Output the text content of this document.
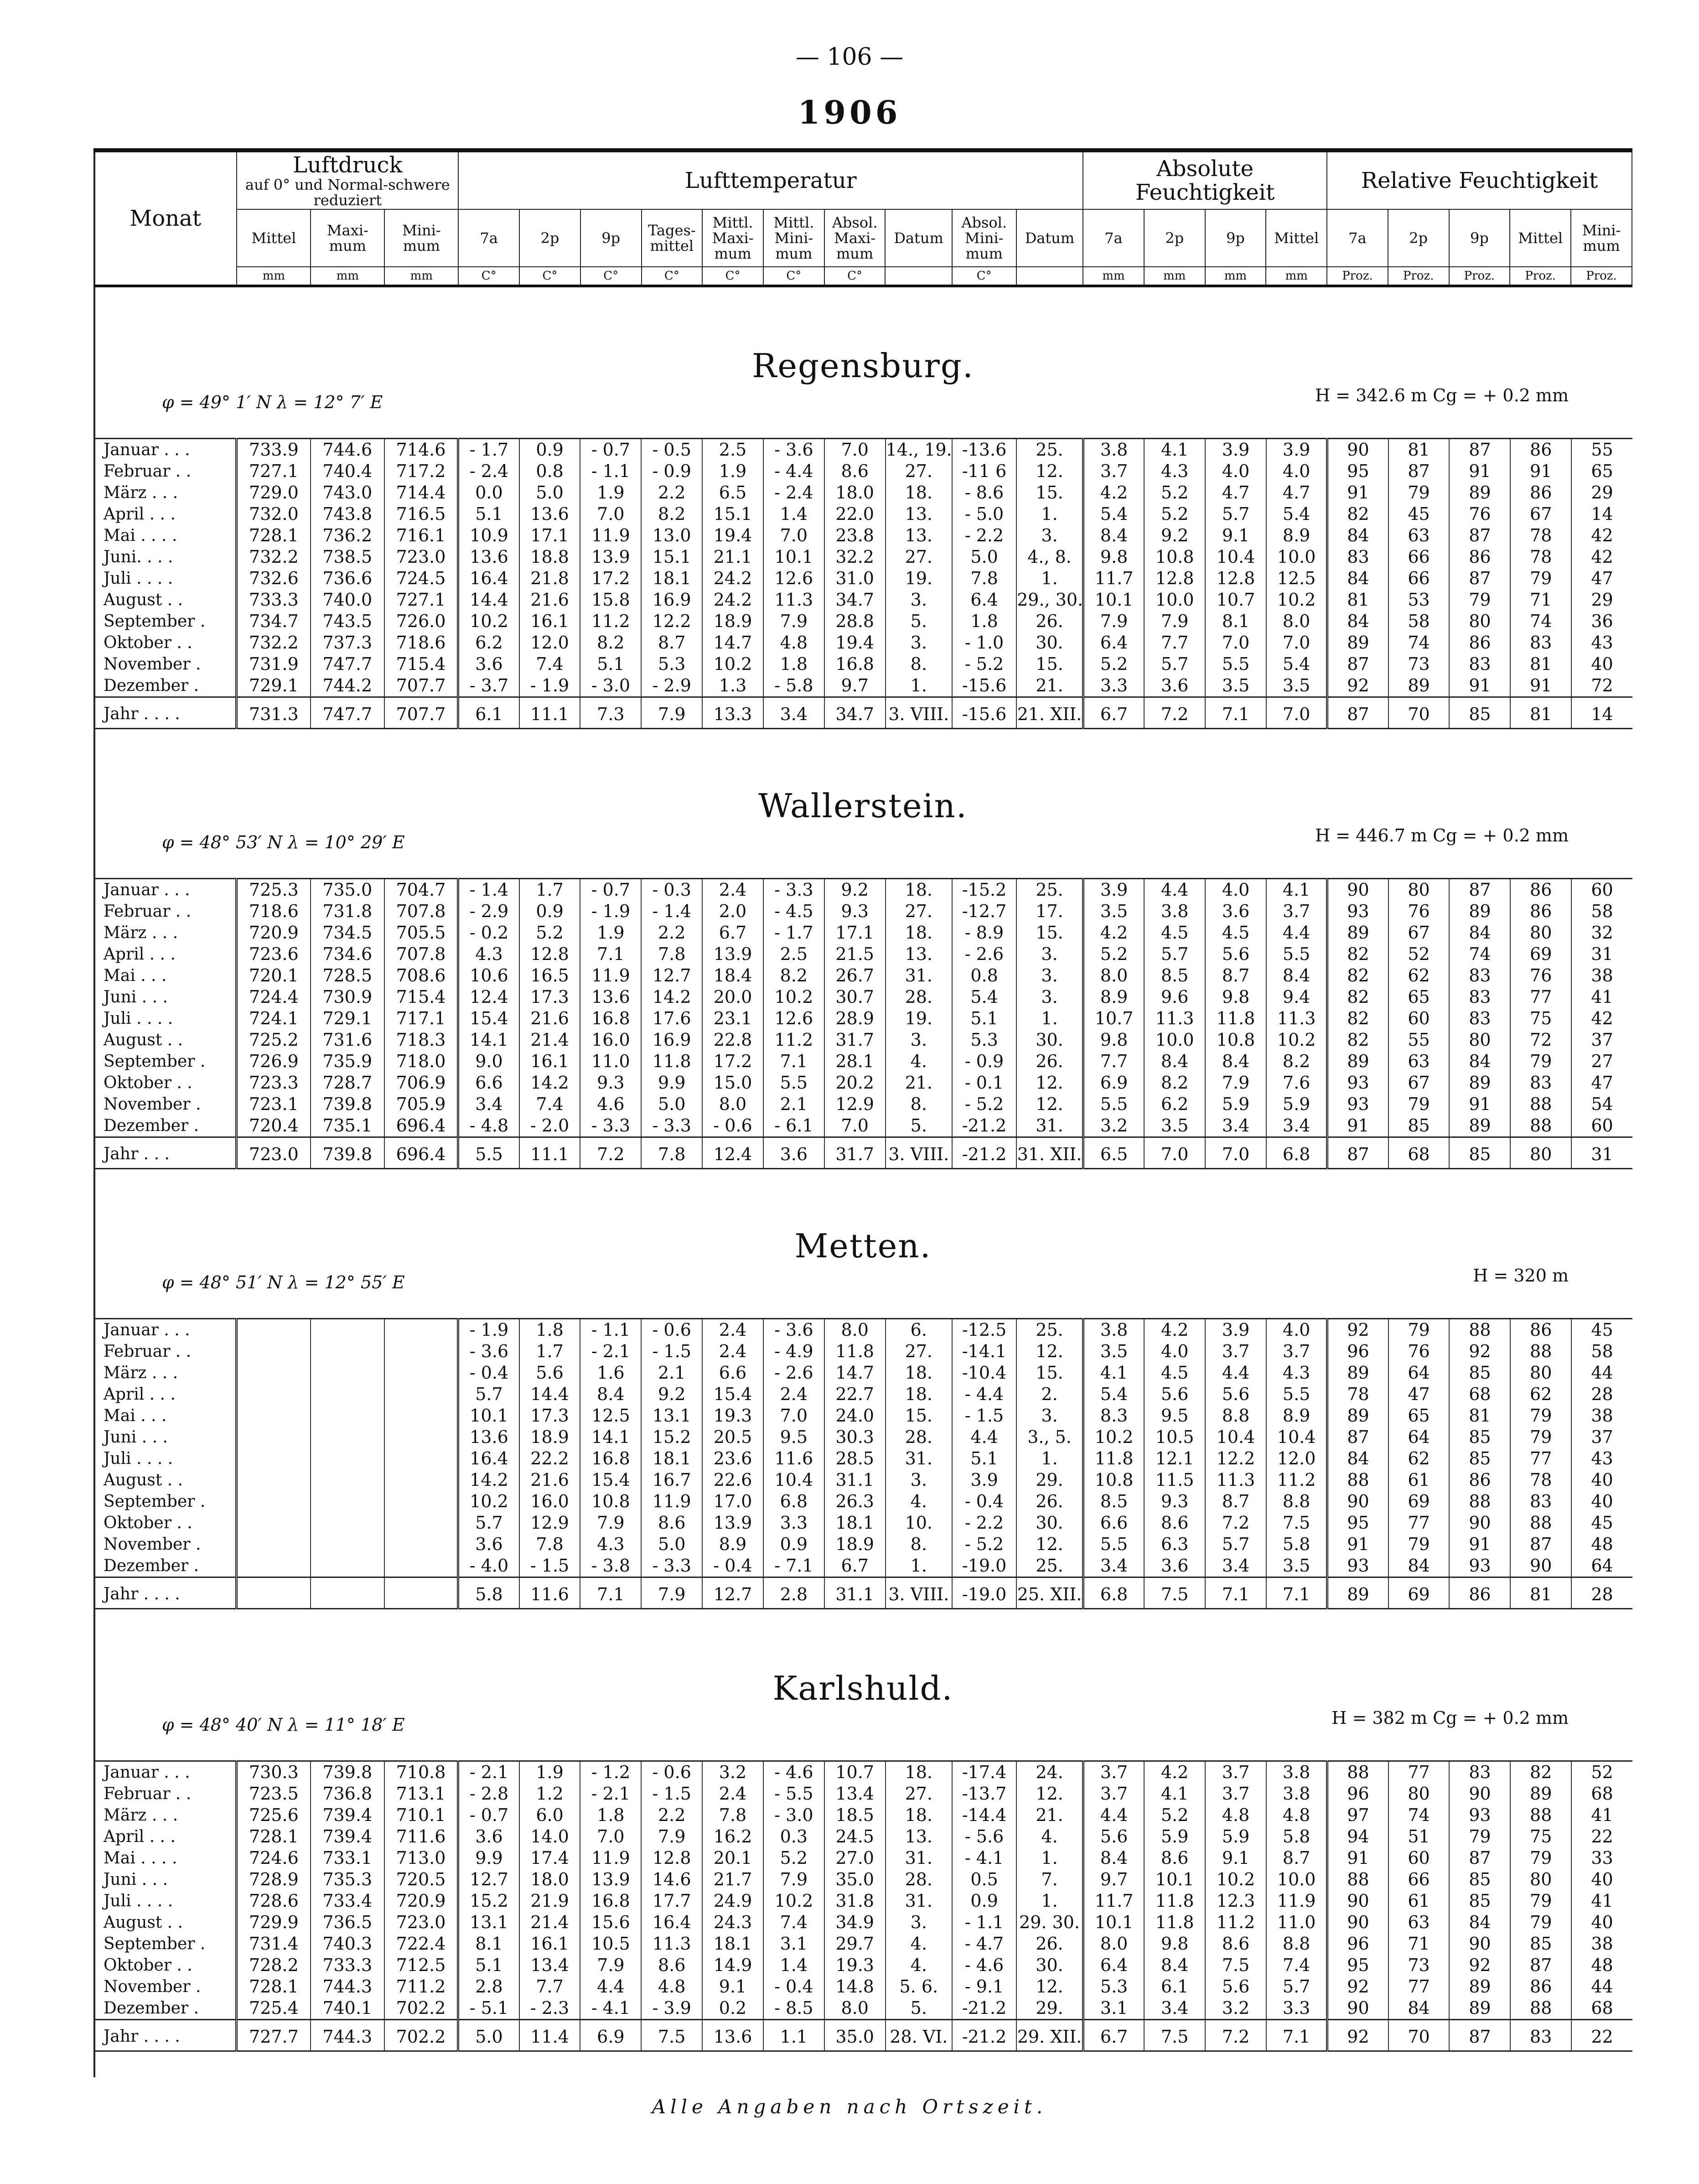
— 106 —
1906
Monat	Luftdruck
auf 0° und Normal-schwere reduziert			Lufttemperatur										Absolute Feuchtigkeit				Relative Feuchtigkeit				
	Mittel	Maxi-mum	Mini-mum	7a	2p	9p	Tages-mittel	Mittl. Maxi-mum	Mittl. Mini-mum	Absol. Maxi-mum	Datum	Absol. Mini-mum	Datum	7a	2p	9p	Mittel	7a	2p	9p	Mittel	Mini-mum
	mm	mm	mm	C°	C°	C°	C°	C°	C°	C°		C°		mm	mm	mm	mm	Proz.	Proz.	Proz.	Proz.	Proz.
Regensburg.
φ = 49° 1′ N λ = 12° 7′ E	H = 342.6 m Cg = + 0.2 mm
Januar . . .	733.9	744.6	714.6	- 1.7	0.9	- 0.7	- 0.5	2.5	- 3.6	7.0	14., 19.	-13.6	25.	3.8	4.1	3.9	3.9	90	81	87	86	55
Februar . .	727.1	740.4	717.2	- 2.4	0.8	- 1.1	- 0.9	1.9	- 4.4	8.6	27.	-11 6	12.	3.7	4.3	4.0	4.0	95	87	91	91	65
März . . .	729.0	743.0	714.4	0.0	5.0	1.9	2.2	6.5	- 2.4	18.0	18.	- 8.6	15.	4.2	5.2	4.7	4.7	91	79	89	86	29
April . . .	732.0	743.8	716.5	5.1	13.6	7.0	8.2	15.1	1.4	22.0	13.	- 5.0	1.	5.4	5.2	5.7	5.4	82	45	76	67	14
Mai . . . .	728.1	736.2	716.1	10.9	17.1	11.9	13.0	19.4	7.0	23.8	13.	- 2.2	3.	8.4	9.2	9.1	8.9	84	63	87	78	42
Juni. . . .	732.2	738.5	723.0	13.6	18.8	13.9	15.1	21.1	10.1	32.2	27.	5.0	4., 8.	9.8	10.8	10.4	10.0	83	66	86	78	42
Juli . . . .	732.6	736.6	724.5	16.4	21.8	17.2	18.1	24.2	12.6	31.0	19.	7.8	1.	11.7	12.8	12.8	12.5	84	66	87	79	47
August . .	733.3	740.0	727.1	14.4	21.6	15.8	16.9	24.2	11.3	34.7	3.	6.4	29., 30.	10.1	10.0	10.7	10.2	81	53	79	71	29
September .	734.7	743.5	726.0	10.2	16.1	11.2	12.2	18.9	7.9	28.8	5.	1.8	26.	7.9	7.9	8.1	8.0	84	58	80	74	36
Oktober . .	732.2	737.3	718.6	6.2	12.0	8.2	8.7	14.7	4.8	19.4	3.	- 1.0	30.	6.4	7.7	7.0	7.0	89	74	86	83	43
November .	731.9	747.7	715.4	3.6	7.4	5.1	5.3	10.2	1.8	16.8	8.	- 5.2	15.	5.2	5.7	5.5	5.4	87	73	83	81	40
Dezember .	729.1	744.2	707.7	- 3.7	- 1.9	- 3.0	- 2.9	1.3	- 5.8	9.7	1.	-15.6	21.	3.3	3.6	3.5	3.5	92	89	91	91	72
Jahr . . . .	731.3	747.7	707.7	6.1	11.1	7.3	7.9	13.3	3.4	34.7	3. VIII.	-15.6	21. XII.	6.7	7.2	7.1	7.0	87	70	85	81	14
Wallerstein.
φ = 48° 53′ N λ = 10° 29′ E	H = 446.7 m Cg = + 0.2 mm
Januar . . .	725.3	735.0	704.7	- 1.4	1.7	- 0.7	- 0.3	2.4	- 3.3	9.2	18.	-15.2	25.	3.9	4.4	4.0	4.1	90	80	87	86	60
Februar . .	718.6	731.8	707.8	- 2.9	0.9	- 1.9	- 1.4	2.0	- 4.5	9.3	27.	-12.7	17.	3.5	3.8	3.6	3.7	93	76	89	86	58
März . . .	720.9	734.5	705.5	- 0.2	5.2	1.9	2.2	6.7	- 1.7	17.1	18.	- 8.9	15.	4.2	4.5	4.5	4.4	89	67	84	80	32
April . . .	723.6	734.6	707.8	4.3	12.8	7.1	7.8	13.9	2.5	21.5	13.	- 2.6	3.	5.2	5.7	5.6	5.5	82	52	74	69	31
Mai . . .	720.1	728.5	708.6	10.6	16.5	11.9	12.7	18.4	8.2	26.7	31.	0.8	3.	8.0	8.5	8.7	8.4	82	62	83	76	38
Juni . . .	724.4	730.9	715.4	12.4	17.3	13.6	14.2	20.0	10.2	30.7	28.	5.4	3.	8.9	9.6	9.8	9.4	82	65	83	77	41
Juli . . . .	724.1	729.1	717.1	15.4	21.6	16.8	17.6	23.1	12.6	28.9	19.	5.1	1.	10.7	11.3	11.8	11.3	82	60	83	75	42
August . .	725.2	731.6	718.3	14.1	21.4	16.0	16.9	22.8	11.2	31.7	3.	5.3	30.	9.8	10.0	10.8	10.2	82	55	80	72	37
September .	726.9	735.9	718.0	9.0	16.1	11.0	11.8	17.2	7.1	28.1	4.	- 0.9	26.	7.7	8.4	8.4	8.2	89	63	84	79	27
Oktober . .	723.3	728.7	706.9	6.6	14.2	9.3	9.9	15.0	5.5	20.2	21.	- 0.1	12.	6.9	8.2	7.9	7.6	93	67	89	83	47
November .	723.1	739.8	705.9	3.4	7.4	4.6	5.0	8.0	2.1	12.9	8.	- 5.2	12.	5.5	6.2	5.9	5.9	93	79	91	88	54
Dezember .	720.4	735.1	696.4	- 4.8	- 2.0	- 3.3	- 3.3	- 0.6	- 6.1	7.0	5.	-21.2	31.	3.2	3.5	3.4	3.4	91	85	89	88	60
Jahr . . .	723.0	739.8	696.4	5.5	11.1	7.2	7.8	12.4	3.6	31.7	3. VIII.	-21.2	31. XII.	6.5	7.0	7.0	6.8	87	68	85	80	31
Metten.
φ = 48° 51′ N λ = 12° 55′ E	H = 320 m
Januar . . .				- 1.9	1.8	- 1.1	- 0.6	2.4	- 3.6	8.0	6.	-12.5	25.	3.8	4.2	3.9	4.0	92	79	88	86	45
Februar . .				- 3.6	1.7	- 2.1	- 1.5	2.4	- 4.9	11.8	27.	-14.1	12.	3.5	4.0	3.7	3.7	96	76	92	88	58
März . . .				- 0.4	5.6	1.6	2.1	6.6	- 2.6	14.7	18.	-10.4	15.	4.1	4.5	4.4	4.3	89	64	85	80	44
April . . .				5.7	14.4	8.4	9.2	15.4	2.4	22.7	18.	- 4.4	2.	5.4	5.6	5.6	5.5	78	47	68	62	28
Mai . . .				10.1	17.3	12.5	13.1	19.3	7.0	24.0	15.	- 1.5	3.	8.3	9.5	8.8	8.9	89	65	81	79	38
Juni . . .				13.6	18.9	14.1	15.2	20.5	9.5	30.3	28.	4.4	3., 5.	10.2	10.5	10.4	10.4	87	64	85	79	37
Juli . . . .				16.4	22.2	16.8	18.1	23.6	11.6	28.5	31.	5.1	1.	11.8	12.1	12.2	12.0	84	62	85	77	43
August . .				14.2	21.6	15.4	16.7	22.6	10.4	31.1	3.	3.9	29.	10.8	11.5	11.3	11.2	88	61	86	78	40
September .				10.2	16.0	10.8	11.9	17.0	6.8	26.3	4.	- 0.4	26.	8.5	9.3	8.7	8.8	90	69	88	83	40
Oktober . .				5.7	12.9	7.9	8.6	13.9	3.3	18.1	10.	- 2.2	30.	6.6	8.6	7.2	7.5	95	77	90	88	45
November .				3.6	7.8	4.3	5.0	8.9	0.9	18.9	8.	- 5.2	12.	5.5	6.3	5.7	5.8	91	79	91	87	48
Dezember .				- 4.0	- 1.5	- 3.8	- 3.3	- 0.4	- 7.1	6.7	1.	-19.0	25.	3.4	3.6	3.4	3.5	93	84	93	90	64
Jahr . . . .				5.8	11.6	7.1	7.9	12.7	2.8	31.1	3. VIII.	-19.0	25. XII.	6.8	7.5	7.1	7.1	89	69	86	81	28
Karlshuld.
φ = 48° 40′ N λ = 11° 18′ E	H = 382 m Cg = + 0.2 mm
Januar . . .	730.3	739.8	710.8	- 2.1	1.9	- 1.2	- 0.6	3.2	- 4.6	10.7	18.	-17.4	24.	3.7	4.2	3.7	3.8	88	77	83	82	52
Februar . .	723.5	736.8	713.1	- 2.8	1.2	- 2.1	- 1.5	2.4	- 5.5	13.4	27.	-13.7	12.	3.7	4.1	3.7	3.8	96	80	90	89	68
März . . .	725.6	739.4	710.1	- 0.7	6.0	1.8	2.2	7.8	- 3.0	18.5	18.	-14.4	21.	4.4	5.2	4.8	4.8	97	74	93	88	41
April . . .	728.1	739.4	711.6	3.6	14.0	7.0	7.9	16.2	0.3	24.5	13.	- 5.6	4.	5.6	5.9	5.9	5.8	94	51	79	75	22
Mai . . . .	724.6	733.1	713.0	9.9	17.4	11.9	12.8	20.1	5.2	27.0	31.	- 4.1	1.	8.4	8.6	9.1	8.7	91	60	87	79	33
Juni . . .	728.9	735.3	720.5	12.7	18.0	13.9	14.6	21.7	7.9	35.0	28.	0.5	7.	9.7	10.1	10.2	10.0	88	66	85	80	40
Juli . . . .	728.6	733.4	720.9	15.2	21.9	16.8	17.7	24.9	10.2	31.8	31.	0.9	1.	11.7	11.8	12.3	11.9	90	61	85	79	41
August . .	729.9	736.5	723.0	13.1	21.4	15.6	16.4	24.3	7.4	34.9	3.	- 1.1	29. 30.	10.1	11.8	11.2	11.0	90	63	84	79	40
September .	731.4	740.3	722.4	8.1	16.1	10.5	11.3	18.1	3.1	29.7	4.	- 4.7	26.	8.0	9.8	8.6	8.8	96	71	90	85	38
Oktober . .	728.2	733.3	712.5	5.1	13.4	7.9	8.6	14.9	1.4	19.3	4.	- 4.6	30.	6.4	8.4	7.5	7.4	95	73	92	87	48
November .	728.1	744.3	711.2	2.8	7.7	4.4	4.8	9.1	- 0.4	14.8	5. 6.	- 9.1	12.	5.3	6.1	5.6	5.7	92	77	89	86	44
Dezember .	725.4	740.1	702.2	- 5.1	- 2.3	- 4.1	- 3.9	0.2	- 8.5	8.0	5.	-21.2	29.	3.1	3.4	3.2	3.3	90	84	89	88	68
Jahr . . . .	727.7	744.3	702.2	5.0	11.4	6.9	7.5	13.6	1.1	35.0	28. VI.	-21.2	29. XII.	6.7	7.5	7.2	7.1	92	70	87	83	22
Alle Angaben nach Ortszeit.
